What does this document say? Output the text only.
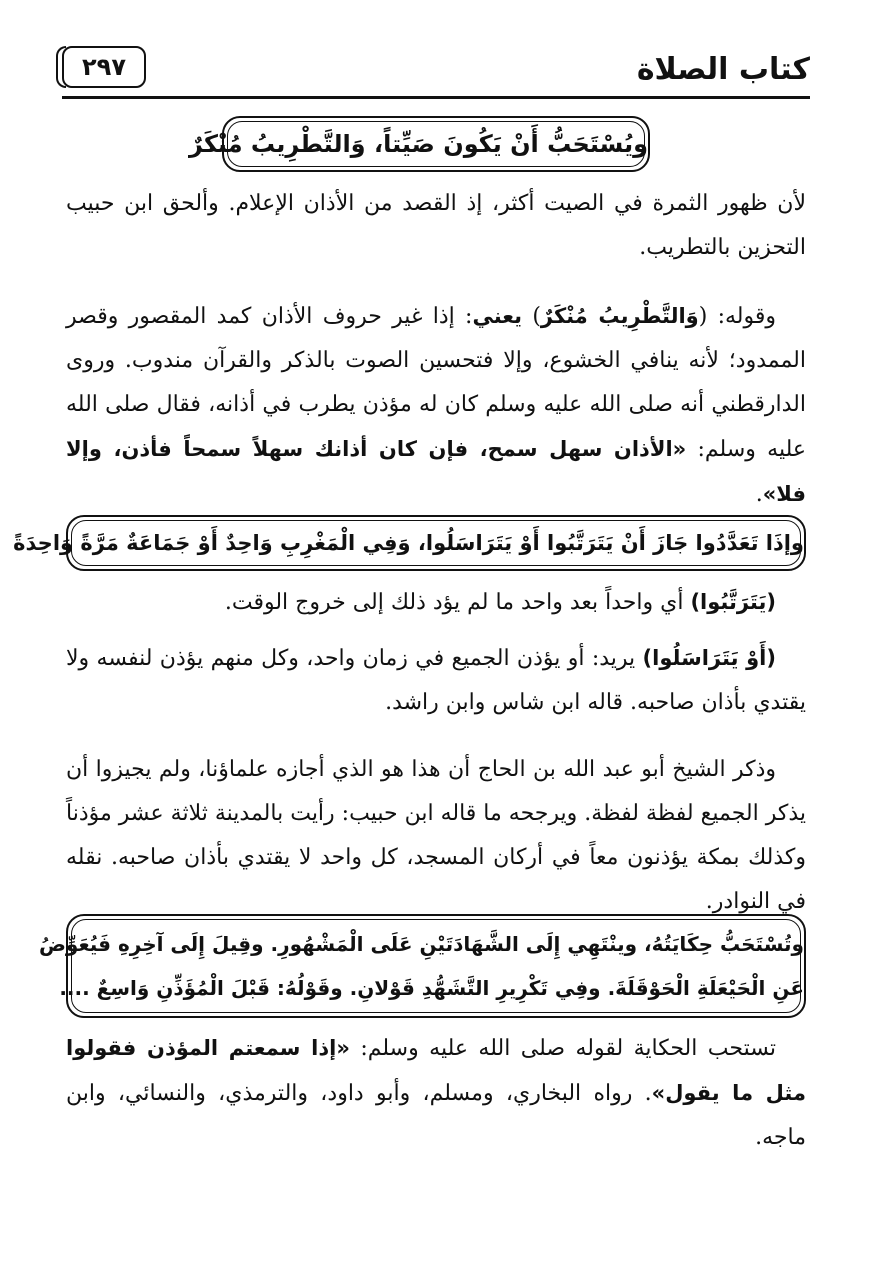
كتاب الصلاة
٢٩٧
ويُسْتَحَبُّ أَنْ يَكُونَ صَيِّتاً، وَالتَّطْرِيبُ مُنْكَرٌ
لأن ظهور الثمرة في الصيت أكثر، إذ القصد من الأذان الإعلام. وألحق ابن حبيب التحزين بالتطريب.
وقوله: (وَالتَّطْرِيبُ مُنْكَرٌ) يعني: إذا غير حروف الأذان كمد المقصور وقصر الممدود؛ لأنه ينافي الخشوع، وإلا فتحسين الصوت بالذكر والقرآن مندوب. وروى الدارقطني أنه صلى الله عليه وسلم كان له مؤذن يطرب في أذانه، فقال صلى الله عليه وسلم: «الأذان سهل سمح، فإن كان أذانك سهلاً سمحاً فأذن، وإلا فلا».
وإذَا تَعَدَّدُوا جَازَ أَنْ يَتَرَتَّبُوا أَوْ يَتَرَاسَلُوا، وَفِي الْمَغْرِبِ وَاحِدٌ أَوْ جَمَاعَةٌ مَرَّةً وَاحِدَةً
(يَتَرَتَّبُوا) أي واحداً بعد واحد ما لم يؤد ذلك إلى خروج الوقت.
(أَوْ يَتَرَاسَلُوا) يريد: أو يؤذن الجميع في زمان واحد، وكل منهم يؤذن لنفسه ولا يقتدي بأذان صاحبه. قاله ابن شاس وابن راشد.
وذكر الشيخ أبو عبد الله بن الحاج أن هذا هو الذي أجازه علماؤنا، ولم يجيزوا أن يذكر الجميع لفظة لفظة. ويرجحه ما قاله ابن حبيب: رأيت بالمدينة ثلاثة عشر مؤذناً وكذلك بمكة يؤذنون معاً في أركان المسجد، كل واحد لا يقتدي بأذان صاحبه. نقله في النوادر.
وتُسْتَحَبُّ حِكَايَتُهُ، وينْتَهِي إِلَى الشَّهَادَتَيْنِ عَلَى الْمَشْهُورِ. وقِيلَ إِلَى آخِرِهِ فَيُعَوِّضُ
عَنِ الْحَيْعَلَةِ الْحَوْقَلَةَ. وفِي تَكْرِيرِ التَّشَهُّدِ قَوْلانِ. وقَوْلُهُ: قَبْلَ الْمُؤَذِّنِ وَاسِعٌ ....
تستحب الحكاية لقوله صلى الله عليه وسلم: «إذا سمعتم المؤذن فقولوا مثل ما يقول». رواه البخاري، ومسلم، وأبو داود، والترمذي، والنسائي، وابن ماجه.
